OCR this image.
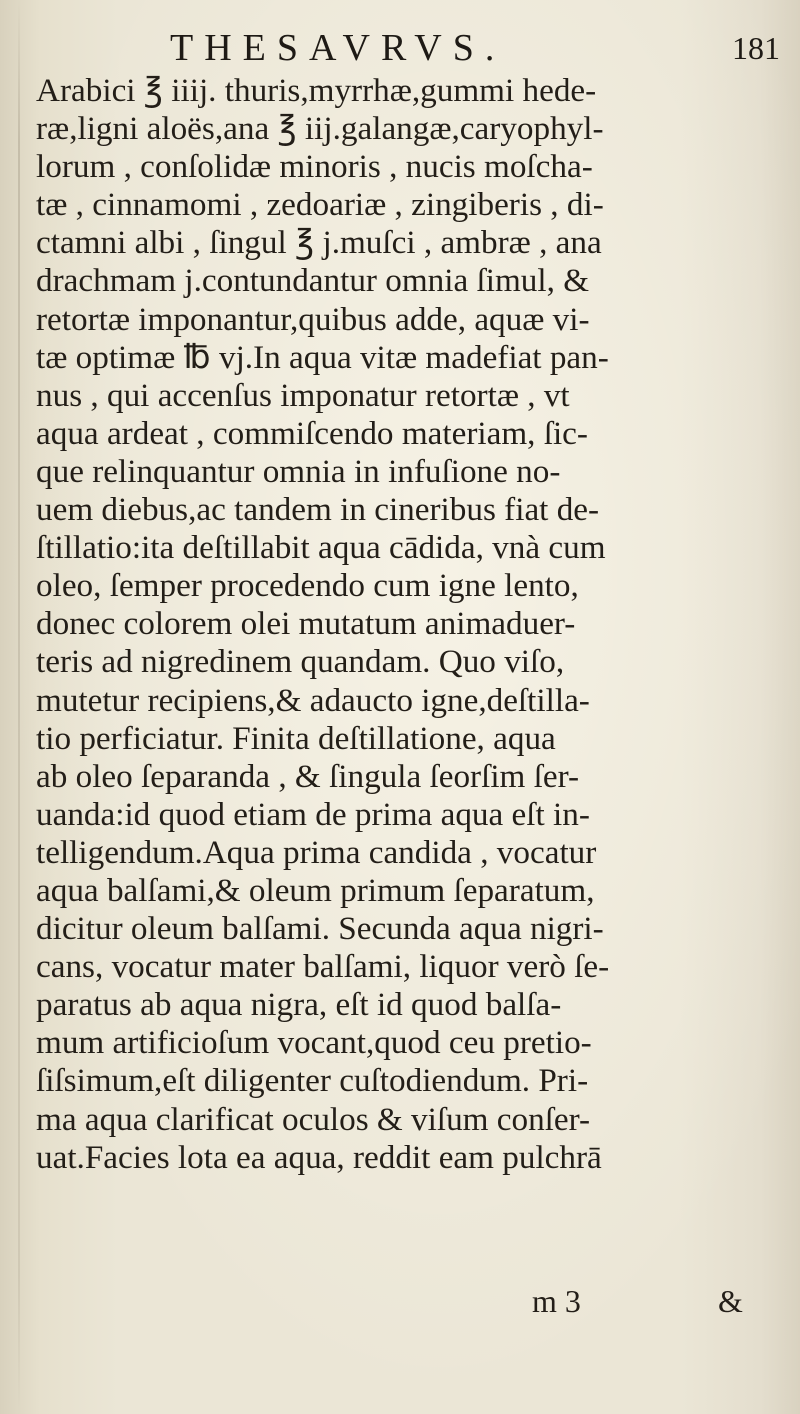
THESAVRVS.	181
Arabici ℥ iiij. thuris,myrrhæ,gummi hede-
ræ,ligni aloës,ana ℥ iij.galangæ,caryophyl-
lorum , conſolidæ minoris , nucis moſcha-
tæ , cinnamomi , zedoariæ , zingiberis , di-
ctamni albi , ſingul ℥ j.muſci , ambræ , ana
drachmam j.contundantur omnia ſimul, &
retortæ imponantur,quibus adde, aquæ vi-
tæ optimæ ℔ vj.In aqua vitæ madefiat pan-
nus , qui accenſus imponatur retortæ , vt
aqua ardeat , commiſcendo materiam, ſic-
que relinquantur omnia in infuſione no-
uem diebus,ac tandem in cineribus fiat de-
ſtillatio:ita deſtillabit aqua cādida, vnà cum
oleo, ſemper procedendo cum igne lento,
donec colorem olei mutatum animaduer-
teris ad nigredinem quandam. Quo viſo,
mutetur recipiens,& adaucto igne,deſtilla-
tio perficiatur. Finita deſtillatione, aqua
ab oleo ſeparanda , & ſingula ſeorſim ſer-
uanda:id quod etiam de prima aqua eſt in-
telligendum.Aqua prima candida , vocatur
aqua balſami,& oleum primum ſeparatum,
dicitur oleum balſami. Secunda aqua nigri-
cans, vocatur mater balſami, liquor verò ſe-
paratus ab aqua nigra, eſt id quod balſa-
mum artificioſum vocant,quod ceu pretio-
ſiſsimum,eſt diligenter cuſtodiendum. Pri-
ma aqua clarificat oculos & viſum conſer-
uat.Facies lota ea aqua, reddit eam pulchrā
m 3	&
